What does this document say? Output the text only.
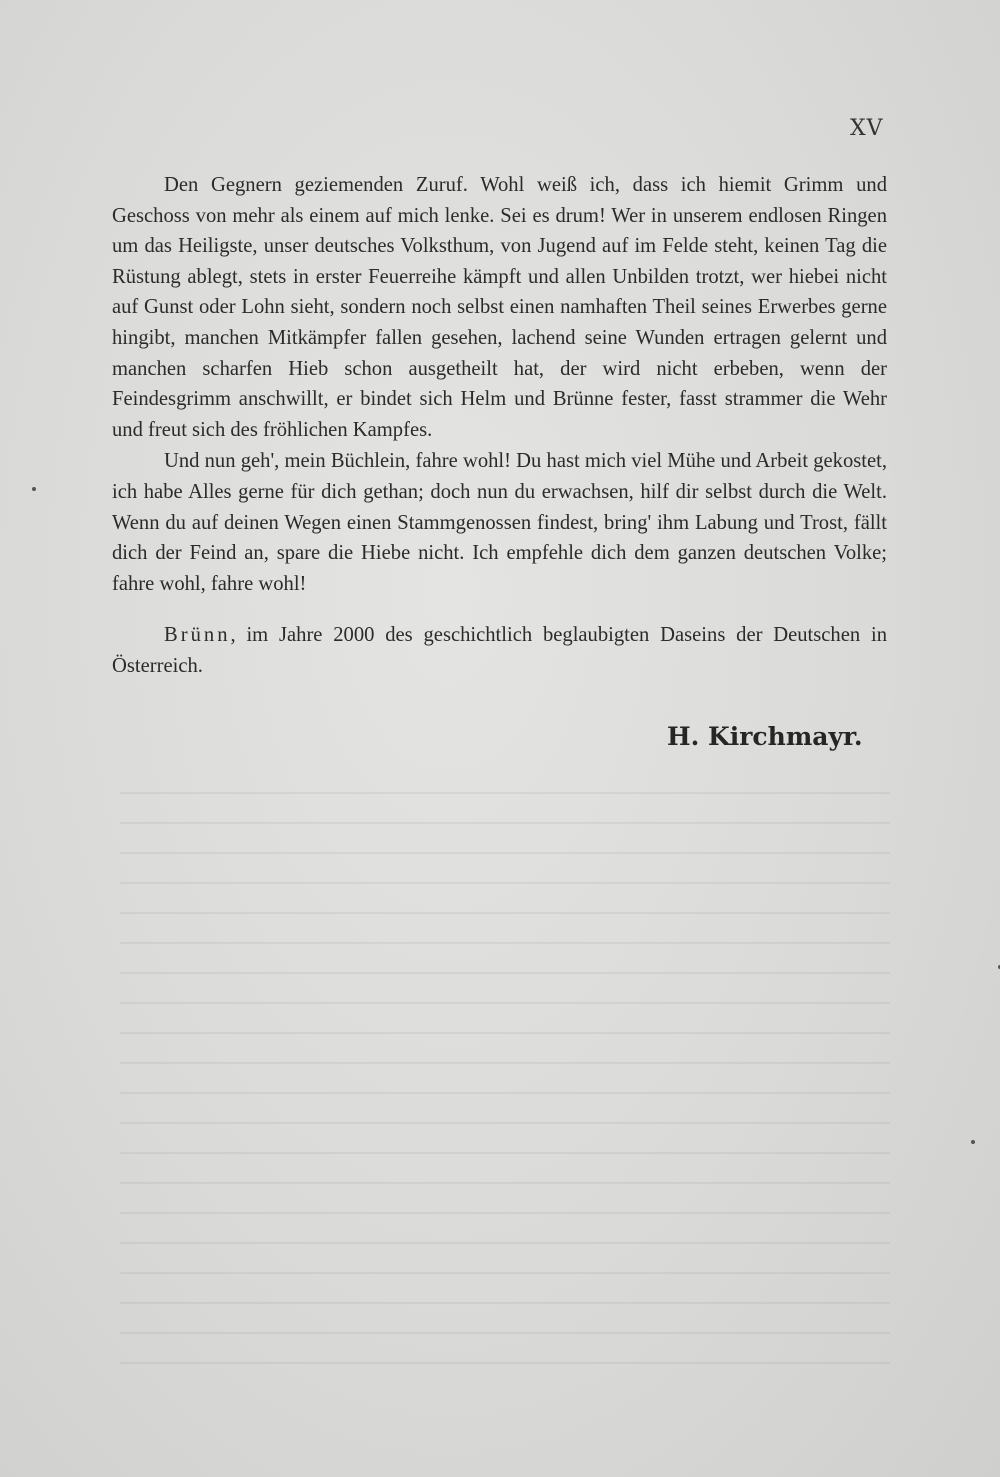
XV

Den Gegnern geziemenden Zuruf. Wohl weiß ich, dass ich hiemit Grimm und Geschoss von mehr als einem auf mich lenke. Sei es drum! Wer in unserem endlosen Ringen um das Heiligste, unser deutsches Volksthum, von Jugend auf im Felde steht, keinen Tag die Rüstung ablegt, stets in erster Feuerreihe kämpft und allen Unbilden trotzt, wer hiebei nicht auf Gunst oder Lohn sieht, sondern noch selbst einen namhaften Theil seines Erwerbes gerne hingibt, manchen Mitkämpfer fallen gesehen, lachend seine Wunden ertragen gelernt und manchen scharfen Hieb schon ausgetheilt hat, der wird nicht erbeben, wenn der Feindesgrimm anschwillt, er bindet sich Helm und Brünne fester, fasst strammer die Wehr und freut sich des fröhlichen Kampfes.

Und nun geh', mein Büchlein, fahre wohl! Du hast mich viel Mühe und Arbeit gekostet, ich habe Alles gerne für dich gethan; doch nun du erwachsen, hilf dir selbst durch die Welt. Wenn du auf deinen Wegen einen Stammgenossen findest, bring' ihm Labung und Trost, fällt dich der Feind an, spare die Hiebe nicht. Ich empfehle dich dem ganzen deutschen Volke; fahre wohl, fahre wohl!

Brünn, im Jahre 2000 des geschichtlich beglaubigten Daseins der Deutschen in Österreich.
H. Kirchmayr.
